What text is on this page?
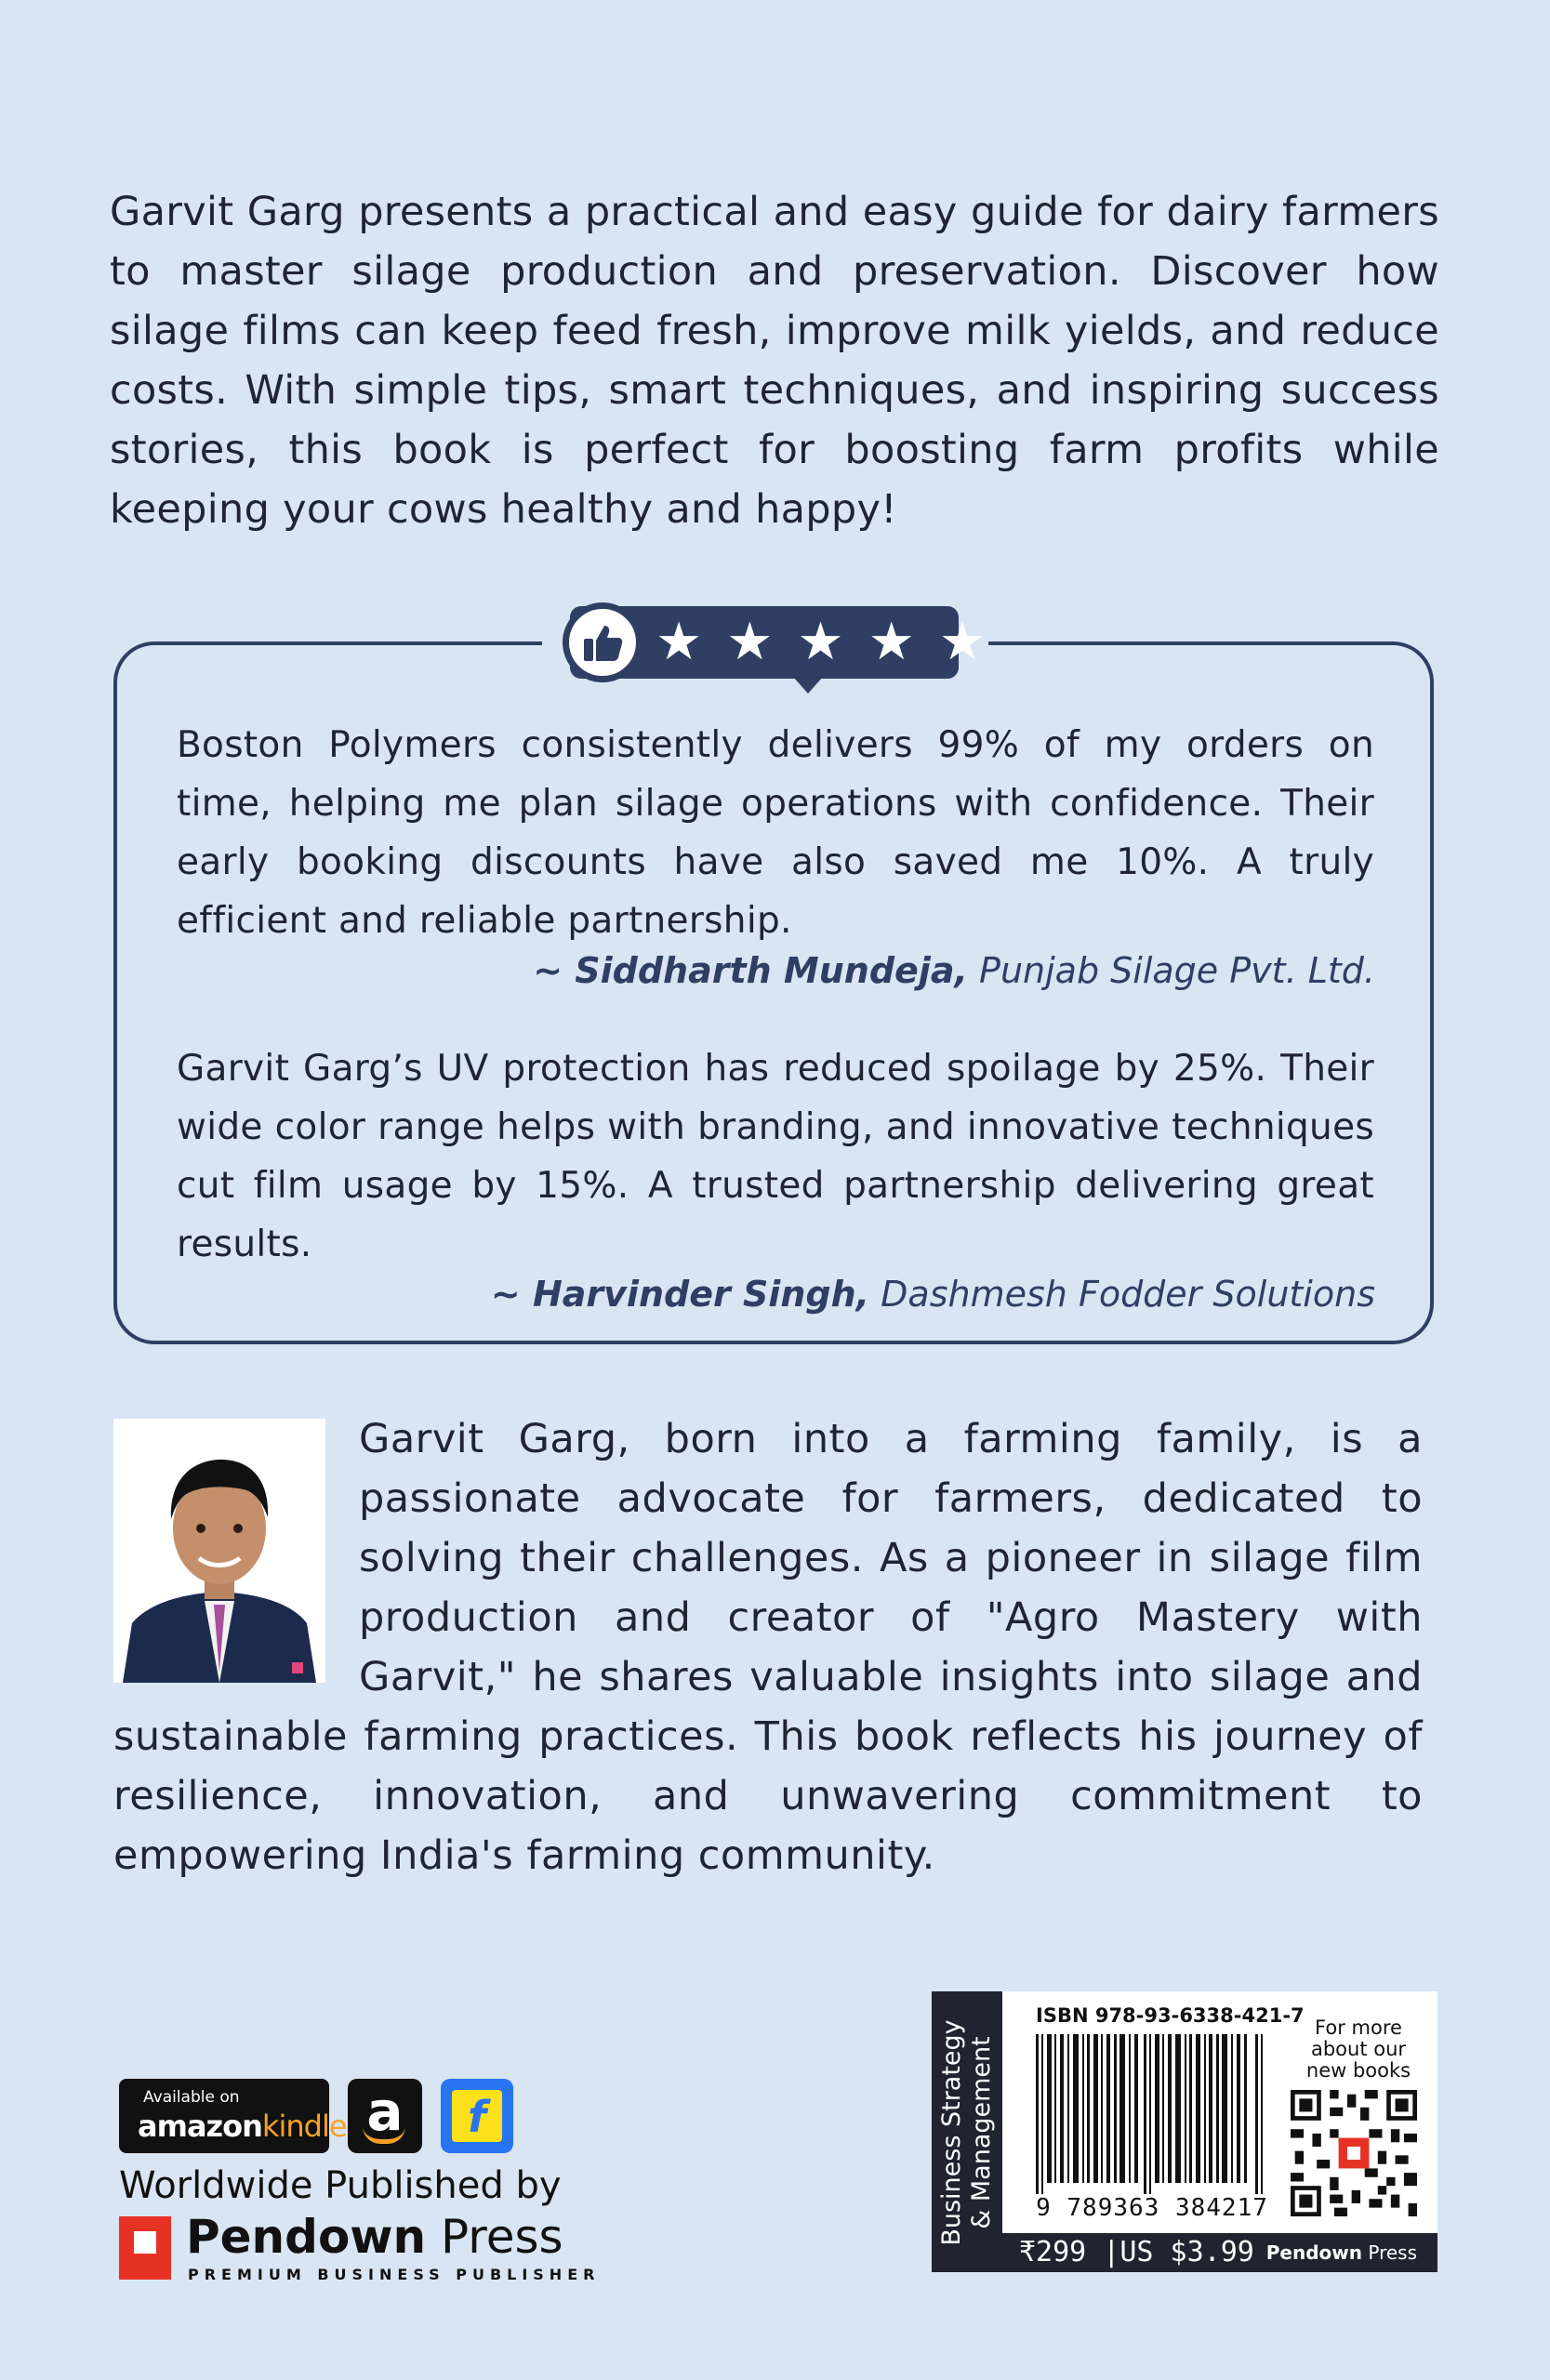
Garvit Garg presents a practical and easy guide for dairy farmers to master silage production and preservation. Discover how silage films can keep feed fresh, improve milk yields, and reduce costs. With simple tips, smart techniques, and inspiring success stories, this book is perfect for boosting farm profits while keeping your cows healthy and happy!
★ ★ ★ ★ ★
Boston Polymers consistently delivers 99% of my orders on time, helping me plan silage operations with confidence. Their early booking discounts have also saved me 10%. A truly efficient and reliable partnership.
~ Siddharth Mundeja, Punjab Silage Pvt. Ltd.
Garvit Garg’s UV protection has reduced spoilage by 25%. Their wide color range helps with branding, and innovative techniques cut film usage by 15%. A trusted partnership delivering great results.
~ Harvinder Singh, Dashmesh Fodder Solutions
Garvit Garg, born into a farming family, is a passionate advocate for farmers, dedicated to solving their challenges. As a pioneer in silage film production and creator of "Agro Mastery with Garvit," he shares valuable insights into silage and sustainable farming practices. This book reflects his journey of resilience, innovation, and unwavering commitment to empowering India's farming community.
Available on
amazonkindle a	f
Worldwide Published by
Pendown Press
PREMIUM BUSINESS PUBLISHER
Business Strategy & Management
ISBN 978-93-6338-421-7
9 789363 384217
For more about our new books
₹299 |US $3.99 Pendown Press
